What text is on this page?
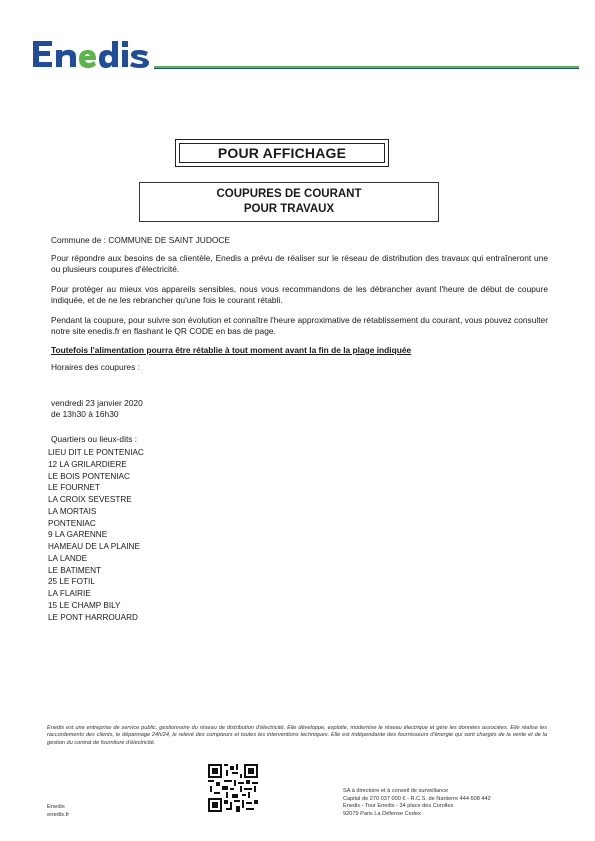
POUR AFFICHAGE
COUPURES DE COURANT
POUR TRAVAUX
Commune de : COMMUNE DE SAINT JUDOCE
Pour répondre aux besoins de sa clientèle, Enedis a prévu de réaliser sur le réseau de distribution des travaux qui entraîneront une ou plusieurs coupures d'électricité.
Pour protéger au mieux vos appareils sensibles, nous vous recommandons de les débrancher avant l'heure de début de coupure indiquée, et de ne les rebrancher qu'une fois le courant rétabli.
Pendant la coupure, pour suivre son évolution et connaître l'heure approximative de rétablissement du courant, vous pouvez consulter notre site enedis.fr en flashant le QR CODE en bas de page.
Toutefois l'alimentation pourra être rétablie à tout moment avant la fin de la plage indiquée
Horaires des coupures :
vendredi 23 janvier 2020
de 13h30 à 16h30
Quartiers ou lieux-dits :
LIEU DIT LE PONTENIAC
12 LA GRILARDIERE
LE BOIS PONTENIAC
LE FOURNET
LA CROIX SEVESTRE
LA MORTAIS
PONTENIAC
9 LA GARENNE
HAMEAU DE LA PLAINE
LA LANDE
LE BATIMENT
25 LE FOTIL
LA FLAIRIE
15 LE CHAMP BILY
LE PONT HARROUARD
Enedis est une entreprise de service public, gestionnaire du réseau de distribution d'électricité. Elle développe, exploite, modernise le réseau électrique et gère les données associées. Elle réalise les raccordements des clients, le dépannage 24h/24, le relevé des compteurs et toutes les interventions techniques. Elle est indépendante des fournisseurs d'énergie qui sont chargés de la vente et de la gestion du contrat de fourniture d'électricité.
Enedis
enedis.fr
SA à directoire et à conseil de surveillance
Capital de 270 037 000 € - R.C.S. de Nanterre 444 608 442
Enedis - Tour Enedis - 34 place des Corolles
92079 Paris La Défense Cedex
